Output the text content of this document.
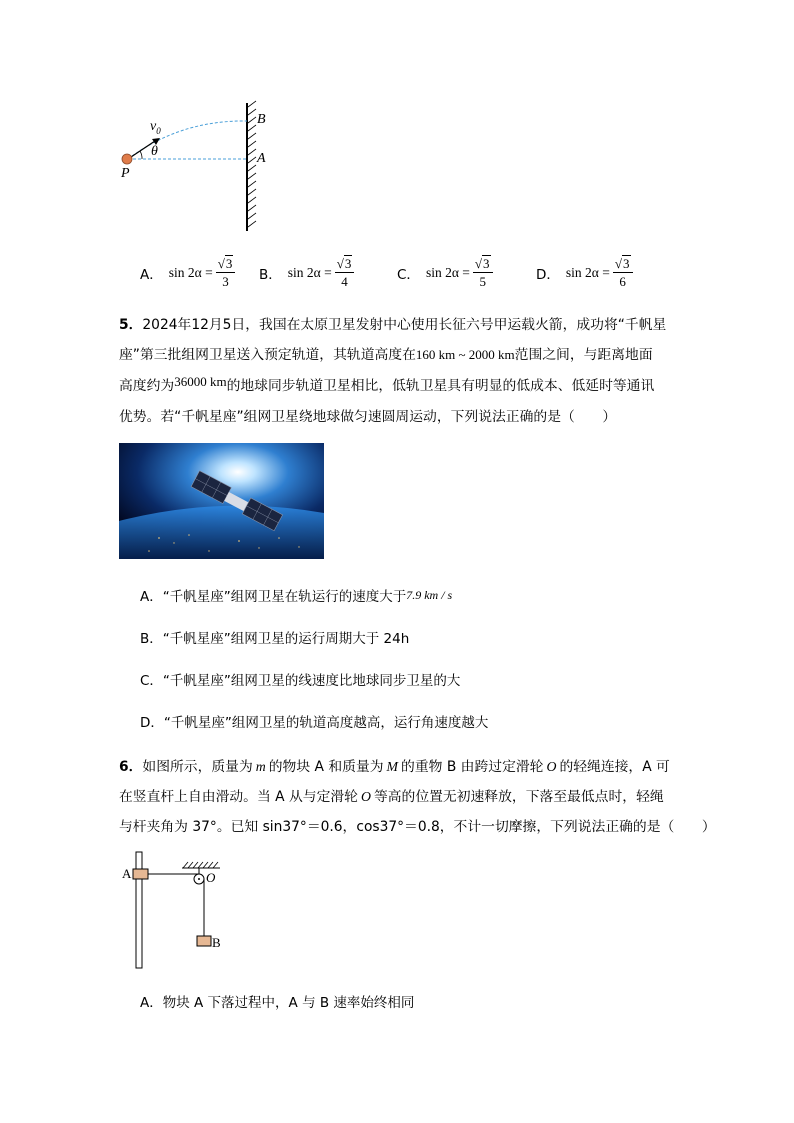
$v_0$
θ
P
A
B
A． $\sin 2\alpha = \frac{√3}{3}$ B． $\sin 2\alpha = \frac{√3}{4}$	C． $\sin 2\alpha = \frac{√3}{5}$	D． $\sin 2\alpha = \frac{√3}{6}$
5．2024年12月5日，我国在太原卫星发射中心使用长征六号甲运载火箭，成功将“千帆星
座”第三批组网卫星送入预定轨道，其轨道高度在160 km ~ 2000 km范围之间，与距离地面
高度约为36000 km的地球同步轨道卫星相比，低轨卫星具有明显的低成本、低延时等通讯
优势。若“千帆星座”组网卫星绕地球做匀速圆周运动，下列说法正确的是（　　）
A．“千帆星座”组网卫星在轨运行的速度大于7.9 km / s
B．“千帆星座”组网卫星的运行周期大于 24h
C．“千帆星座”组网卫星的线速度比地球同步卫星的大
D．“千帆星座”组网卫星的轨道高度越高，运行角速度越大
6．如图所示，质量为 m 的物块 A 和质量为 M 的重物 B 由跨过定滑轮 O 的轻绳连接，A 可
在竖直杆上自由滑动。当 A 从与定滑轮 O 等高的位置无初速释放，下落至最低点时，轻绳
与杆夹角为 37°。已知 sin37°＝0.6，cos37°＝0.8，不计一切摩擦，下列说法正确的是（　　）
A	O
B
A．物块 A 下落过程中，A 与 B 速率始终相同
